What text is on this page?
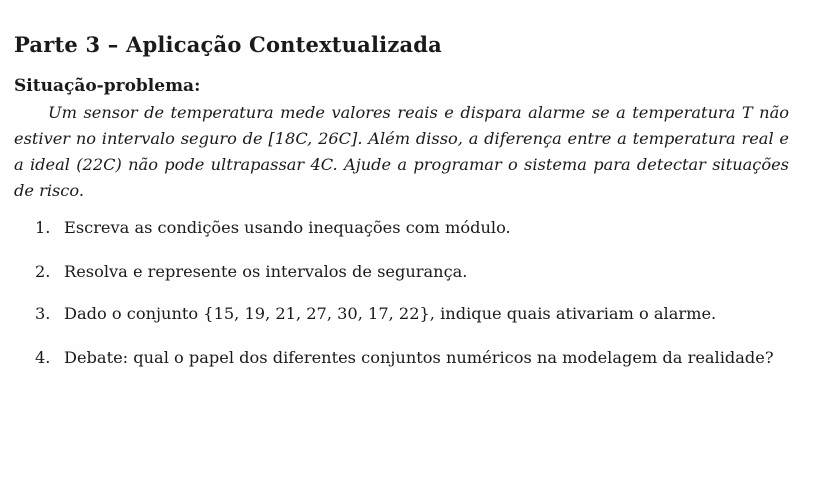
Parte 3 – Aplicação Contextualizada
Situação-problema:
Um sensor de temperatura mede valores reais e dispara alarme se a temperatura T não estiver no intervalo seguro de [18C, 26C]. Além disso, a diferença entre a temperatura real e a ideal (22C) não pode ultrapassar 4C. Ajude a programar o sistema para detectar situações de risco.
1. Escreva as condições usando inequações com módulo.
2. Resolva e represente os intervalos de segurança.
3. Dado o conjunto {15, 19, 21, 27, 30, 17, 22}, indique quais ativariam o alarme.
4. Debate: qual o papel dos diferentes conjuntos numéricos na modelagem da realidade?
